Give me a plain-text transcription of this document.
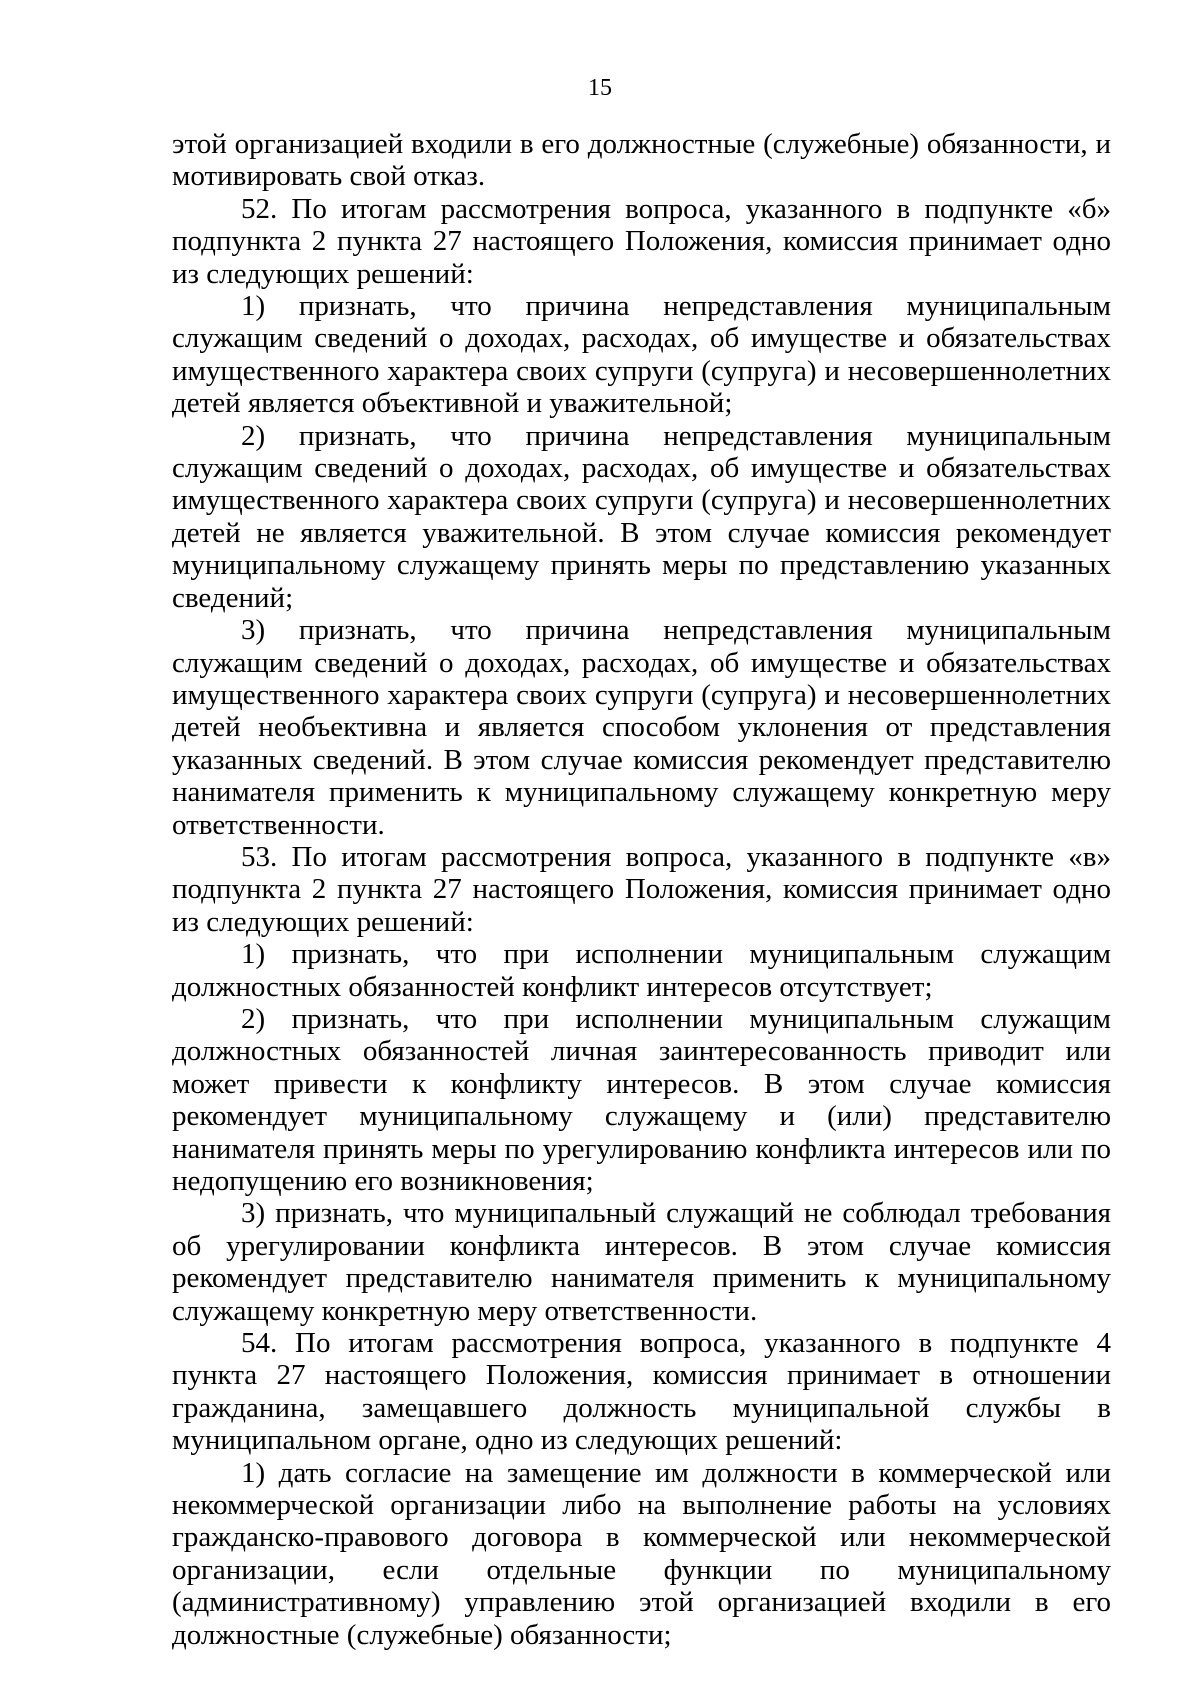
15

этой организацией входили в его должностные (служебные) обязанности, и мотивировать свой отказ.

52. По итогам рассмотрения вопроса, указанного в подпункте «б» подпункта 2 пункта 27 настоящего Положения, комиссия принимает одно из следующих решений:

1) признать, что причина непредставления муниципальным служащим сведений о доходах, расходах, об имуществе и обязательствах имущественного характера своих супруги (супруга) и несовершеннолетних детей является объективной и уважительной;

2) признать, что причина непредставления муниципальным служащим сведений о доходах, расходах, об имуществе и обязательствах имущественного характера своих супруги (супруга) и несовершеннолетних детей не является уважительной. В этом случае комиссия рекомендует муниципальному служащему принять меры по представлению указанных сведений;

3) признать, что причина непредставления муниципальным служащим сведений о доходах, расходах, об имуществе и обязательствах имущественного характера своих супруги (супруга) и несовершеннолетних детей необъективна и является способом уклонения от представления указанных сведений. В этом случае комиссия рекомендует представителю нанимателя применить к муниципальному служащему конкретную меру ответственности.

53. По итогам рассмотрения вопроса, указанного в подпункте «в» подпункта 2 пункта 27 настоящего Положения, комиссия принимает одно из следующих решений:

1) признать, что при исполнении муниципальным служащим должностных обязанностей конфликт интересов отсутствует;

2) признать, что при исполнении муниципальным служащим должностных обязанностей личная заинтересованность приводит или может привести к конфликту интересов. В этом случае комиссия рекомендует муниципальному служащему и (или) представителю нанимателя принять меры по урегулированию конфликта интересов или по недопущению его возникновения;

3) признать, что муниципальный служащий не соблюдал требования об урегулировании конфликта интересов. В этом случае комиссия рекомендует представителю нанимателя применить к муниципальному служащему конкретную меру ответственности.

54. По итогам рассмотрения вопроса, указанного в подпункте 4 пункта 27 настоящего Положения, комиссия принимает в отношении гражданина, замещавшего должность муниципальной службы в муниципальном органе, одно из следующих решений:

1) дать согласие на замещение им должности в коммерческой или некоммерческой организации либо на выполнение работы на условиях гражданско-правового договора в коммерческой или некоммерческой организации, если отдельные функции по муниципальному (административному) управлению этой организацией входили в его должностные (служебные) обязанности;
